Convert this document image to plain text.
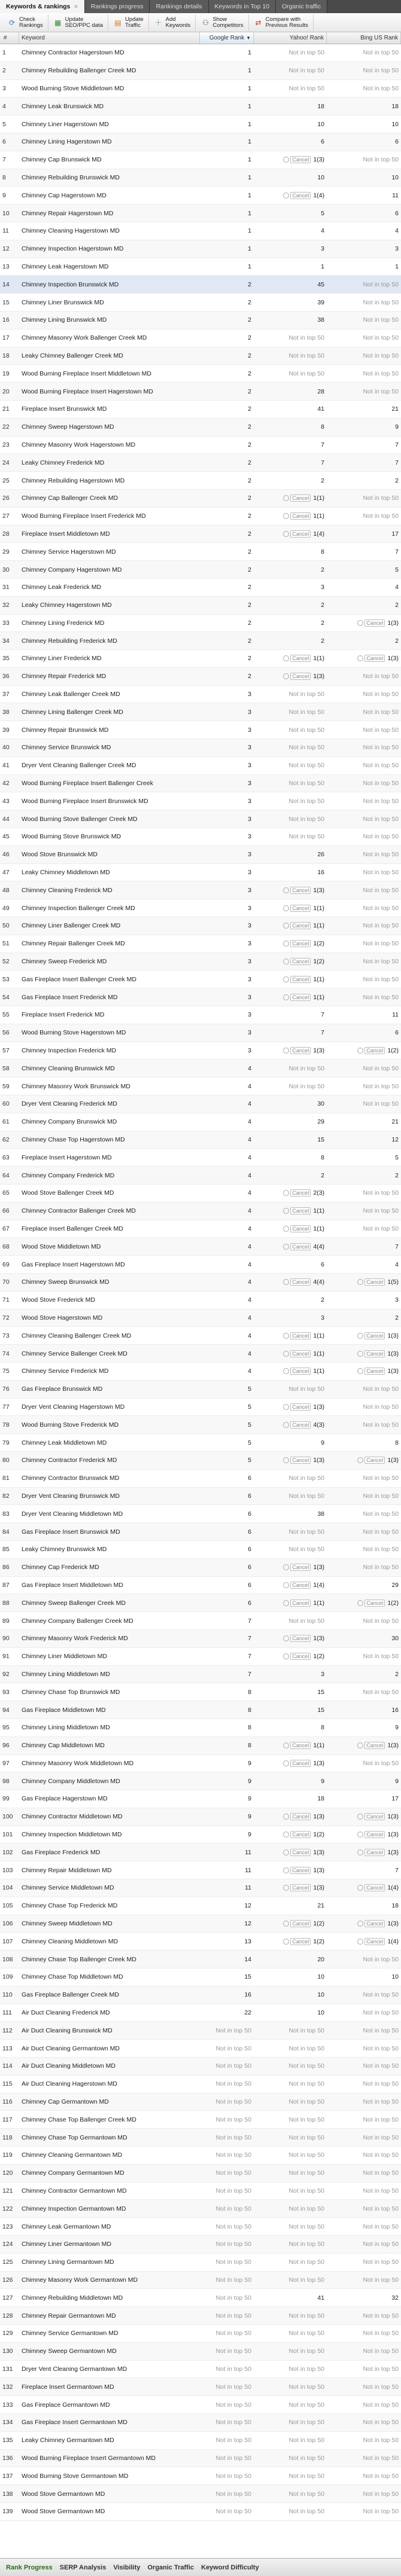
Keywords & rankings ✕ Rankings progress Rankings details Keywords in Top 10 Organic traffic
⟳ Check
Rankings ▦ Update
SEO/PPC data ▤ Update
Traffic	＋ Add
Keywords ⚇ Show
Competitors ⇄ Compare with
Previous Results
#	Keyword	Google Rank ▼	Yahoo! Rank	Bing US Rank
1	Chimney Contractor Hagerstown MD	1	Not in top 50	Not in top 50
2	Chimney Rebuilding Ballenger Creek MD	1	Not in top 50	Not in top 50
3	Wood Burning Stove Middletown MD	1	Not in top 50	Not in top 50
4	Chimney Leak Brunswick MD	1	18	18
5	Chimney Liner Hagerstown MD	1	10	10
6	Chimney Lining Hagerstown MD	1	6	6
7	Chimney Cap Brunswick MD	1	Cancel 1(3)	Not in top 50
8	Chimney Rebuilding Brunswick MD	1	10	10
9	Chimney Cap Hagerstown MD	1	Cancel 1(4)	11
10	Chimney Repair Hagerstown MD	1	5	6
11	Chimney Cleaning Hagerstown MD	1	4	4
12	Chimney Inspection Hagerstown MD	1	3	3
13	Chimney Leak Hagerstown MD	1	1	1
14	Chimney Inspection Brunswick MD	2	45	Not in top 50
15	Chimney Liner Brunswick MD	2	39	Not in top 50
16	Chimney Lining Brunswick MD	2	38	Not in top 50
17	Chimney Masonry Work Ballenger Creek MD	2	Not in top 50	Not in top 50
18	Leaky Chimney Ballenger Creek MD	2	Not in top 50	Not in top 50
19	Wood Burning Fireplace Insert Middletown MD	2	Not in top 50	Not in top 50
20	Wood Burning Fireplace Insert Hagerstown MD	2	28	Not in top 50
21	Fireplace Insert Brunswick MD	2	41	21
22	Chimney Sweep Hagerstown MD	2	8	9
23	Chimney Masonry Work Hagerstown MD	2	7	7
24	Leaky Chimney Frederick MD	2	7	7
25	Chimney Rebuilding Hagerstown MD	2	2	2
26	Chimney Cap Ballenger Creek MD	2	Cancel 1(1)	Not in top 50
27	Wood Burning Fireplace Insert Frederick MD	2	Cancel 1(1)	Not in top 50
28	Fireplace Insert Middletown MD	2	Cancel 1(4)	17
29	Chimney Service Hagerstown MD	2	8	7
30	Chimney Company Hagerstown MD	2	2	5
31	Chimney Leak Frederick MD	2	3	4
32	Leaky Chimney Hagerstown MD	2	2	2
33	Chimney Lining Frederick MD	2	2	Cancel 1(3)
34	Chimney Rebuilding Frederick MD	2	2	2
35	Chimney Liner Frederick MD	2	Cancel 1(1)	Cancel 1(3)
36	Chimney Repair Frederick MD	2	Cancel 1(3)	Not in top 50
37	Chimney Leak Ballenger Creek MD	3	Not in top 50	Not in top 50
38	Chimney Lining Ballenger Creek MD	3	Not in top 50	Not in top 50
39	Chimney Repair Brunswick MD	3	Not in top 50	Not in top 50
40	Chimney Service Brunswick MD	3	Not in top 50	Not in top 50
41	Dryer Vent Cleaning Ballenger Creek MD	3	Not in top 50	Not in top 50
42	Wood Burning Fireplace Insert Ballenger Creek	3	Not in top 50	Not in top 50
43	Wood Burning Fireplace Insert Brunswick MD	3	Not in top 50	Not in top 50
44	Wood Burning Stove Ballenger Creek MD	3	Not in top 50	Not in top 50
45	Wood Burning Stove Brunswick MD	3	Not in top 50	Not in top 50
46	Wood Stove Brunswick MD	3	26	Not in top 50
47	Leaky Chimney Middletown MD	3	16	Not in top 50
48	Chimney Cleaning Frederick MD	3	Cancel 1(3)	Not in top 50
49	Chimney Inspection Ballenger Creek MD	3	Cancel 1(1)	Not in top 50
50	Chimney Liner Ballenger Creek MD	3	Cancel 1(1)	Not in top 50
51	Chimney Repair Ballenger Creek MD	3	Cancel 1(2)	Not in top 50
52	Chimney Sweep Frederick MD	3	Cancel 1(2)	Not in top 50
53	Gas Fireplace Insert Ballenger Creek MD	3	Cancel 1(1)	Not in top 50
54	Gas Fireplace Insert Frederick MD	3	Cancel 1(1)	Not in top 50
55	Fireplace Insert Frederick MD	3	7	11
56	Wood Burning Stove Hagerstown MD	3	7	6
57	Chimney Inspection Frederick MD	3	Cancel 1(3)	Cancel 1(2)
58	Chimney Cleaning Brunswick MD	4	Not in top 50	Not in top 50
59	Chimney Masonry Work Brunswick MD	4	Not in top 50	Not in top 50
60	Dryer Vent Cleaning Frederick MD	4	30	Not in top 50
61	Chimney Company Brunswick MD	4	29	21
62	Chimney Chase Top Hagerstown MD	4	15	12
63	Fireplace Insert Hagerstown MD	4	8	5
64	Chimney Company Frederick MD	4	2	2
65	Wood Stove Ballenger Creek MD	4	Cancel 2(3)	Not in top 50
66	Chimney Contractor Ballenger Creek MD	4	Cancel 1(1)	Not in top 50
67	Fireplace Insert Ballenger Creek MD	4	Cancel 1(1)	Not in top 50
68	Wood Stove Middletown MD	4	Cancel 4(4)	7
69	Gas Fireplace Insert Hagerstown MD	4	6	4
70	Chimney Sweep Brunswick MD	4	Cancel 4(4)	Cancel 1(5)
71	Wood Stove Frederick MD	4	2	3
72	Wood Stove Hagerstown MD	4	3	2
73	Chimney Cleaning Ballenger Creek MD	4	Cancel 1(1)	Cancel 1(3)
74	Chimney Service Ballenger Creek MD	4	Cancel 1(1)	Cancel 1(3)
75	Chimney Service Frederick MD	4	Cancel 1(1)	Cancel 1(3)
76	Gas Fireplace Brunswick MD	5	Not in top 50	Not in top 50
77	Dryer Vent Cleaning Hagerstown MD	5	Cancel 1(3)	Not in top 50
78	Wood Burning Stove Frederick MD	5	Cancel 4(3)	Not in top 50
79	Chimney Leak Middletown MD	5	9	8
80	Chimney Contractor Frederick MD	5	Cancel 1(3)	Cancel 1(3)
81	Chimney Contractor Brunswick MD	6	Not in top 50	Not in top 50
82	Dryer Vent Cleaning Brunswick MD	6	Not in top 50	Not in top 50
83	Dryer Vent Cleaning Middletown MD	6	38	Not in top 50
84	Gas Fireplace Insert Brunswick MD	6	Not in top 50	Not in top 50
85	Leaky Chimney Brunswick MD	6	Not in top 50	Not in top 50
86	Chimney Cap Frederick MD	6	Cancel 1(3)	Not in top 50
87	Gas Fireplace Insert Middletown MD	6	Cancel 1(4)	29
88	Chimney Sweep Ballenger Creek MD	6	Cancel 1(1)	Cancel 1(2)
89	Chimney Company Ballenger Creek MD	7	Not in top 50	Not in top 50
90	Chimney Masonry Work Frederick MD	7	Cancel 1(3)	30
91	Chimney Liner Middletown MD	7	Cancel 1(2)	Not in top 50
92	Chimney Lining Middletown MD	7	3	2
93	Chimney Chase Top Brunswick MD	8	15	Not in top 50
94	Gas Fireplace Middletown MD	8	15	16
95	Chimney Lining Middletown MD	8	8	9
96	Chimney Cap Middletown MD	8	Cancel 1(1)	Cancel 1(3)
97	Chimney Masonry Work Middletown MD	9	Cancel 1(3)	Not in top 50
98	Chimney Company Middletown MD	9	9	9
99	Gas Fireplace Hagerstown MD	9	18	17
100	Chimney Contractor Middletown MD	9	Cancel 1(3)	Cancel 1(3)
101	Chimney Inspection Middletown MD	9	Cancel 1(2)	Cancel 1(3)
102	Gas Fireplace Frederick MD	11	Cancel 1(3)	Cancel 1(3)
103	Chimney Repair Middletown MD	11	Cancel 1(3)	7
104	Chimney Service Middletown MD	11	Cancel 1(3)	Cancel 1(4)
105	Chimney Chase Top Frederick MD	12	21	18
106	Chimney Sweep Middletown MD	12	Cancel 1(2)	Cancel 1(3)
107	Chimney Cleaning Middletown MD	13	Cancel 1(2)	Cancel 1(4)
108	Chimney Chase Top Ballenger Creek MD	14	20	Not in top 50
109	Chimney Chase Top Middletown MD	15	10	10
110	Gas Fireplace Ballenger Creek MD	16	10	Not in top 50
111	Air Duct Cleaning Frederick MD	22	10	Not in top 50
112	Air Duct Cleaning Brunswick MD	Not in top 50	Not in top 50	Not in top 50
113	Air Duct Cleaning Germantown MD	Not in top 50	Not in top 50	Not in top 50
114	Air Duct Cleaning Middletown MD	Not in top 50	Not in top 50	Not in top 50
115	Air Duct Cleaning Hagerstown MD	Not in top 50	Not in top 50	Not in top 50
116	Chimney Cap Germantown MD	Not in top 50	Not in top 50	Not in top 50
117	Chimney Chase Top Ballenger Creek MD	Not in top 50	Not in top 50	Not in top 50
118	Chimney Chase Top Germantown MD	Not in top 50	Not in top 50	Not in top 50
119	Chimney Cleaning Germantown MD	Not in top 50	Not in top 50	Not in top 50
120	Chimney Company Germantown MD	Not in top 50	Not in top 50	Not in top 50
121	Chimney Contractor Germantown MD	Not in top 50	Not in top 50	Not in top 50
122	Chimney Inspection Germantown MD	Not in top 50	Not in top 50	Not in top 50
123	Chimney Leak Germantown MD	Not in top 50	Not in top 50	Not in top 50
124	Chimney Liner Germantown MD	Not in top 50	Not in top 50	Not in top 50
125	Chimney Lining Germantown MD	Not in top 50	Not in top 50	Not in top 50
126	Chimney Masonry Work Germantown MD	Not in top 50	Not in top 50	Not in top 50
127	Chimney Rebuilding Middletown MD	Not in top 50	41	32
128	Chimney Repair Germantown MD	Not in top 50	Not in top 50	Not in top 50
129	Chimney Service Germantown MD	Not in top 50	Not in top 50	Not in top 50
130	Chimney Sweep Germantown MD	Not in top 50	Not in top 50	Not in top 50
131	Dryer Vent Cleaning Germantown MD	Not in top 50	Not in top 50	Not in top 50
132	Fireplace Insert Germantown MD	Not in top 50	Not in top 50	Not in top 50
133	Gas Fireplace Germantown MD	Not in top 50	Not in top 50	Not in top 50
134	Gas Fireplace Insert Germantown MD	Not in top 50	Not in top 50	Not in top 50
135	Leaky Chimney Germantown MD	Not in top 50	Not in top 50	Not in top 50
136	Wood Burning Fireplace Insert Germantown MD	Not in top 50	Not in top 50	Not in top 50
137	Wood Burning Stove Germantown MD	Not in top 50	Not in top 50	Not in top 50
138	Wood Stove Germantown MD	Not in top 50	Not in top 50	Not in top 50
139	Wood Stove Germantown MD	Not in top 50	Not in top 50	Not in top 50
Rank Progress	SERP Analysis	Visibility	Organic Traffic	Keyword Difficulty
